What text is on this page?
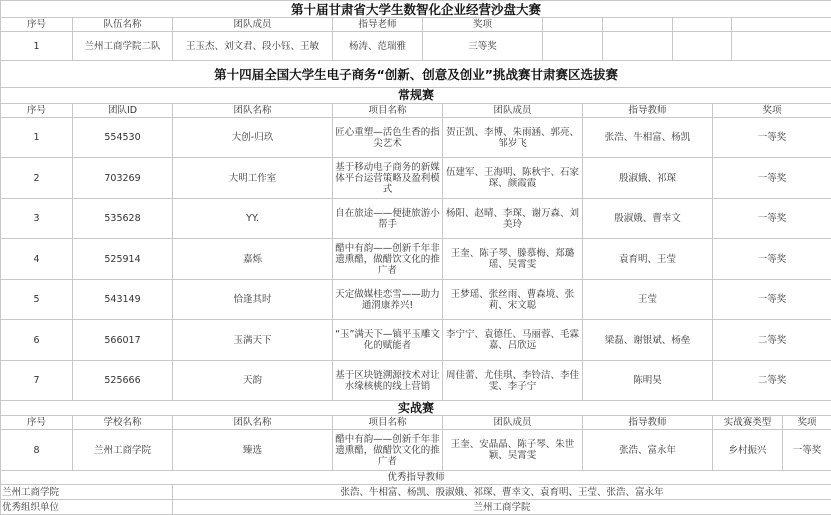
第十届甘肃省大学生数智化企业经营沙盘大赛								
序号	队伍名称	团队成员	指导老师	奖项				
1	兰州工商学院二队	王玉杰、刘文君、段小钰、王敏	杨涛、范瑞雅	三等奖				
第十四届全国大学生电子商务“创新、创意及创业”挑战赛甘肃赛区选拔赛						
常规赛						
序号	团队ID	团队名称	项目名称	团队成员	指导教师	奖项
1	554530	大创-归玖	匠心重塑—活色生香的指尖艺术	贺正凯、李博、朱雨涵、郭亮、邹岁飞	张浩、牛相富、杨凯	一等奖
2	703269	大明工作室	基于移动电子商务的新媒体平台运营策略及盈利模式	伍建军、王海明、陈秋宇、石家琛、颜霞霞	殷淑娥、祁琛	一等奖
3	535628	YY.	自在旅途——便捷旅游小帮手	杨阳、赵晴、李琛、谢万森、刘美玲	殷淑娥、曹幸文	一等奖
4	525914	嘉烁	醋中有韵——创新千年非遗熏醋，做醋饮文化的推广者	王奎、陈子琴、滕慕梅、郑璐瑶、吴霄雯	袁育明、王莹	一等奖
5	543149	恰逢其时	天定做媒桂恋雪——助力通渭康养兴!	王梦瑶、张丝雨、曹森境、张莉、宋文聪	王莹	一等奖
6	566017	玉满天下	“玉”满天下—镇平玉雕文化的赋能者	李宁宁、袁德任、马丽蓉、毛霖嘉、吕欣远	梁磊、谢银斌、杨垒	二等奖
7	525666	天韵	基于区块链溯源技术对让水缘核桃的线上营销	周佳蕾、尤佳琪、李铃洁、李佳雯、李子宁	陈明昊	二等奖
实战赛							
序号	学校名称	团队名称	项目名称	团队成员	指导教师	实战赛类型	奖项
8	兰州工商学院	臻选	醋中有韵——创新千年非遗熏醋，做醋饮文化的推广者	王奎、安晶晶、陈子琴、朱世颖、吴霄雯	张浩、富永年	乡村振兴	一等奖
优秀指导教师	
兰州工商学院	张浩、牛相富、杨凯、殷淑娥、祁琛、曹幸文、袁育明、王莹、张浩、富永年
优秀组织单位	兰州工商学院
